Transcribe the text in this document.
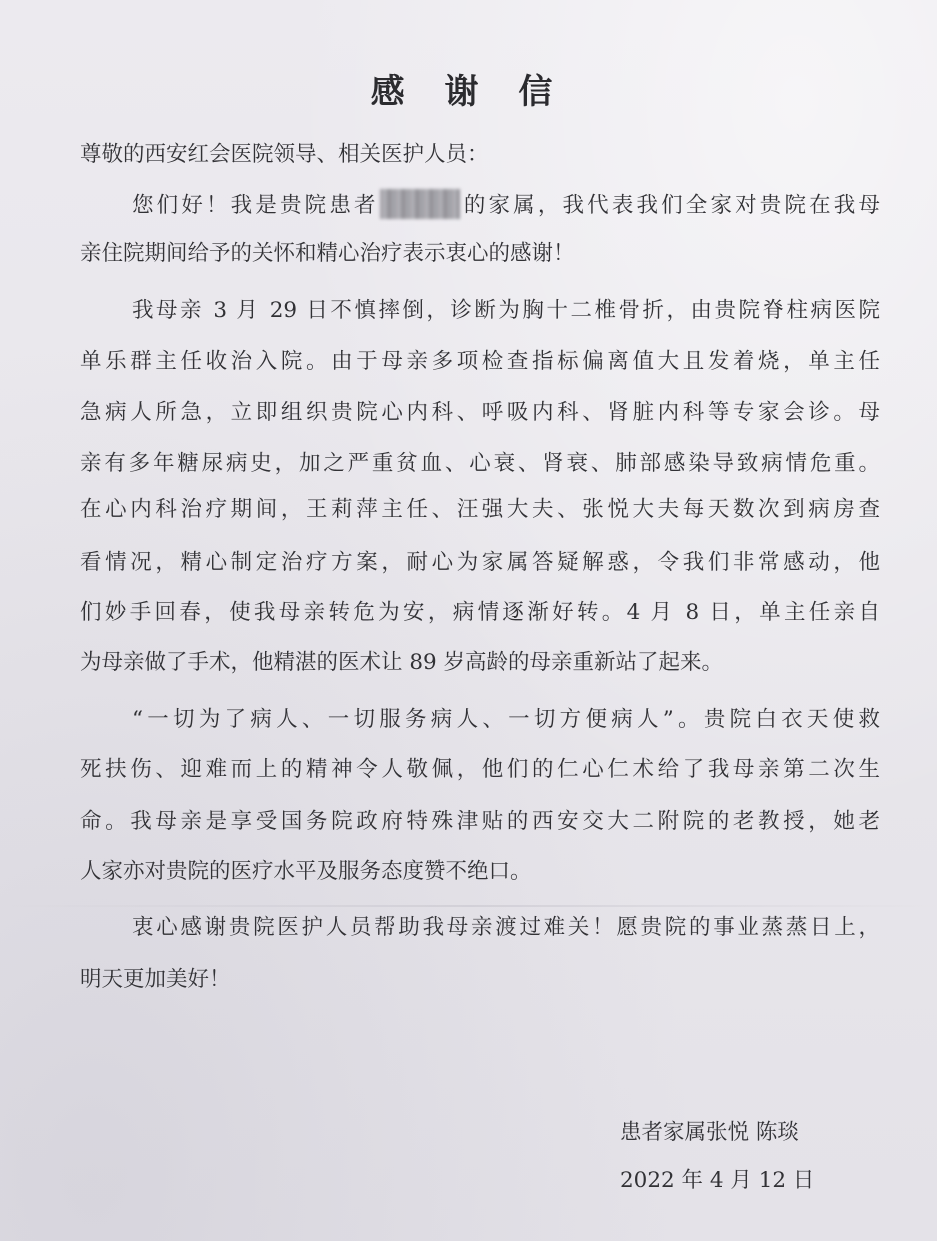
感 谢 信
尊敬的西安红会医院领导、相关医护人员：
您们好！我是贵院患者	的家属，我代表我们全家对贵院在我母
亲住院期间给予的关怀和精心治疗表示衷心的感谢！
我母亲 3 月 29 日不慎摔倒，诊断为胸十二椎骨折，由贵院脊柱病医院
单乐群主任收治入院。由于母亲多项检查指标偏离值大且发着烧，单主任
急病人所急，立即组织贵院心内科、呼吸内科、肾脏内科等专家会诊。母
亲有多年糖尿病史，加之严重贫血、心衰、肾衰、肺部感染导致病情危重。
在心内科治疗期间，王莉萍主任、汪强大夫、张悦大夫每天数次到病房查
看情况，精心制定治疗方案，耐心为家属答疑解惑，令我们非常感动，他
们妙手回春，使我母亲转危为安，病情逐渐好转。4 月 8 日，单主任亲自
为母亲做了手术，他精湛的医术让 89 岁高龄的母亲重新站了起来。
“一切为了病人、一切服务病人、一切方便病人”。贵院白衣天使救
死扶伤、迎难而上的精神令人敬佩，他们的仁心仁术给了我母亲第二次生
命。我母亲是享受国务院政府特殊津贴的西安交大二附院的老教授，她老
人家亦对贵院的医疗水平及服务态度赞不绝口。
衷心感谢贵院医护人员帮助我母亲渡过难关！愿贵院的事业蒸蒸日上，
明天更加美好！
患者家属张悦 陈琰
2022 年 4 月 12 日
